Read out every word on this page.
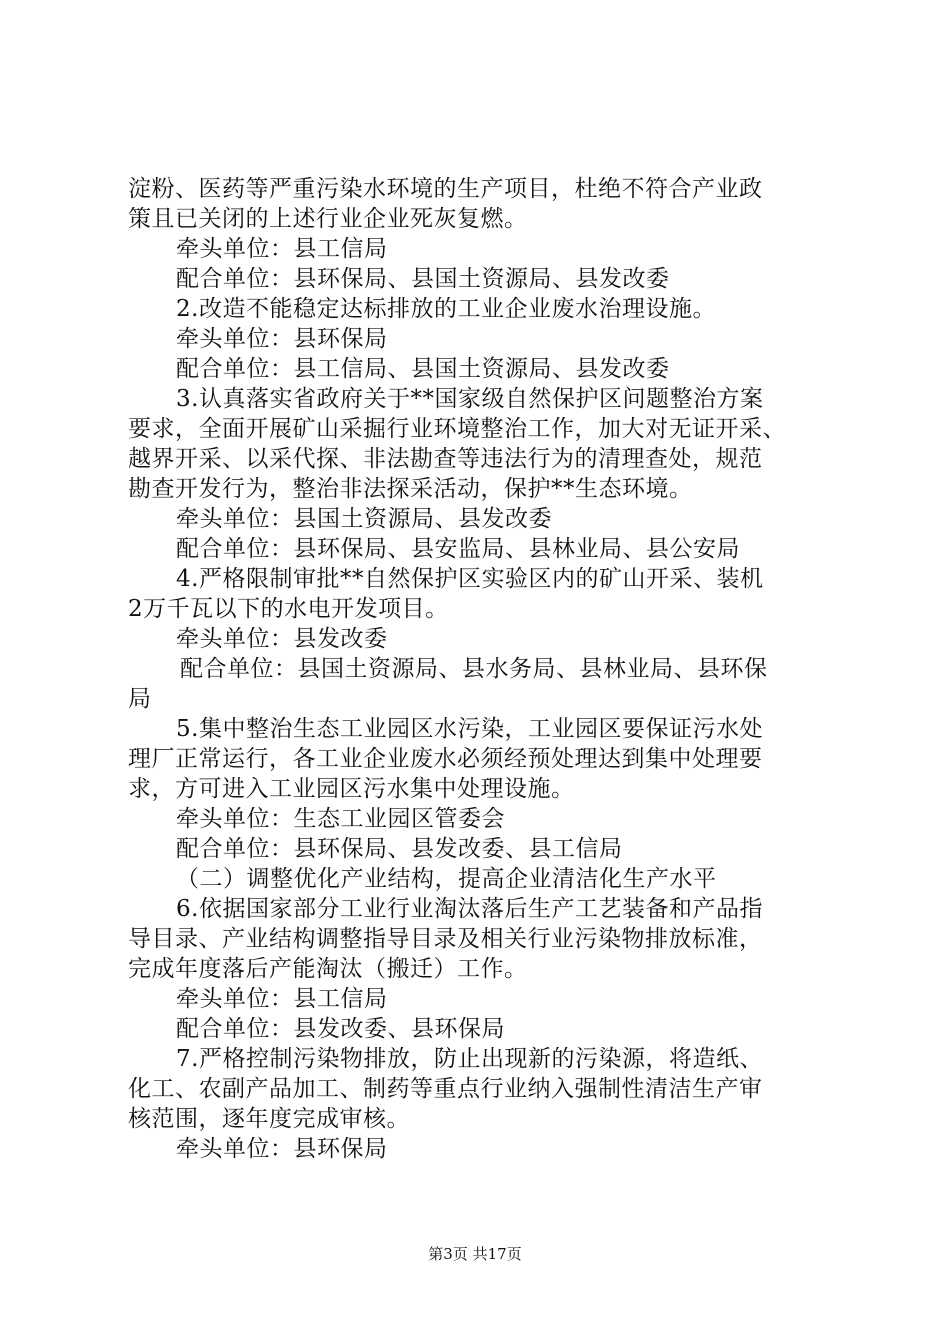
淀粉、医药等严重污染水环境的生产项目，杜绝不符合产业政
策且已关闭的上述行业企业死灰复燃。
牵头单位：县工信局
配合单位：县环保局、县国土资源局、县发改委
2.改造不能稳定达标排放的工业企业废水治理设施。
牵头单位：县环保局
配合单位：县工信局、县国土资源局、县发改委
3.认真落实省政府关于**国家级自然保护区问题整治方案
要求，全面开展矿山采掘行业环境整治工作，加大对无证开采、
越界开采、以采代探、非法勘查等违法行为的清理查处，规范
勘查开发行为，整治非法探采活动，保护**生态环境。
牵头单位：县国土资源局、县发改委
配合单位：县环保局、县安监局、县林业局、县公安局
4.严格限制审批**自然保护区实验区内的矿山开采、装机
2万千瓦以下的水电开发项目。
牵头单位：县发改委
配合单位：县国土资源局、县水务局、县林业局、县环保
局
5.集中整治生态工业园区水污染，工业园区要保证污水处
理厂正常运行，各工业企业废水必须经预处理达到集中处理要
求，方可进入工业园区污水集中处理设施。
牵头单位：生态工业园区管委会
配合单位：县环保局、县发改委、县工信局
（二）调整优化产业结构，提高企业清洁化生产水平
6.依据国家部分工业行业淘汰落后生产工艺装备和产品指
导目录、产业结构调整指导目录及相关行业污染物排放标准，
完成年度落后产能淘汰（搬迁）工作。
牵头单位：县工信局
配合单位：县发改委、县环保局
7.严格控制污染物排放，防止出现新的污染源，将造纸、
化工、农副产品加工、制药等重点行业纳入强制性清洁生产审
核范围，逐年度完成审核。
牵头单位：县环保局
第3页 共17页
